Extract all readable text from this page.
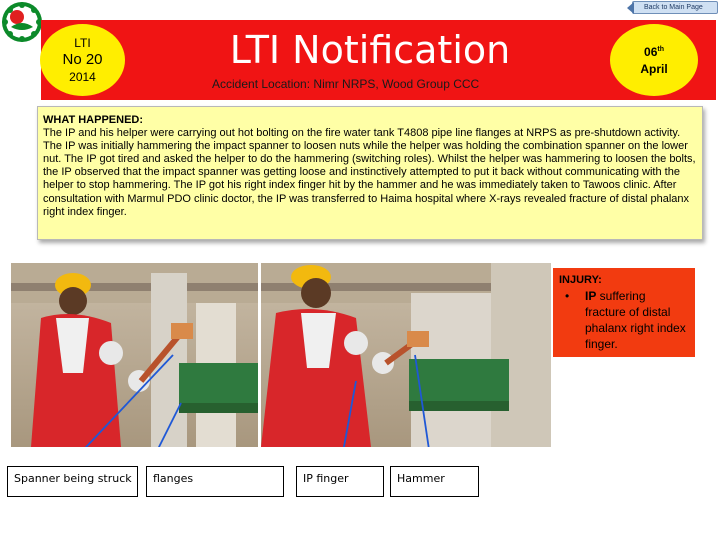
Back to Main Page
LTI
No 20
2014
LTI Notification
Accident Location: Nimr NRPS, Wood Group CCC
06th
April
WHAT HAPPENED:
The IP and his helper were carrying out hot bolting on the fire water tank T4808 pipe line flanges at NRPS as pre-shutdown activity. The IP was initially hammering the impact spanner to loosen nuts while the helper was holding the combination spanner on the lower nut. The IP got tired and asked the helper to do the hammering (switching roles). Whilst the helper was hammering to loosen the bolts, the IP observed that the impact spanner was getting loose and instinctively attempted to put it back without communicating with the helper to stop hammering. The IP got his right index finger hit by the hammer and he was immediately taken to Tawoos clinic. After consultation with Marmul PDO clinic doctor, the IP was transferred to Haima hospital where X-rays revealed fracture of distal phalanx right index finger.
INJURY:
•	IP suffering fracture of distal phalanx right index finger.
Spanner being struck	flanges	IP finger	Hammer
